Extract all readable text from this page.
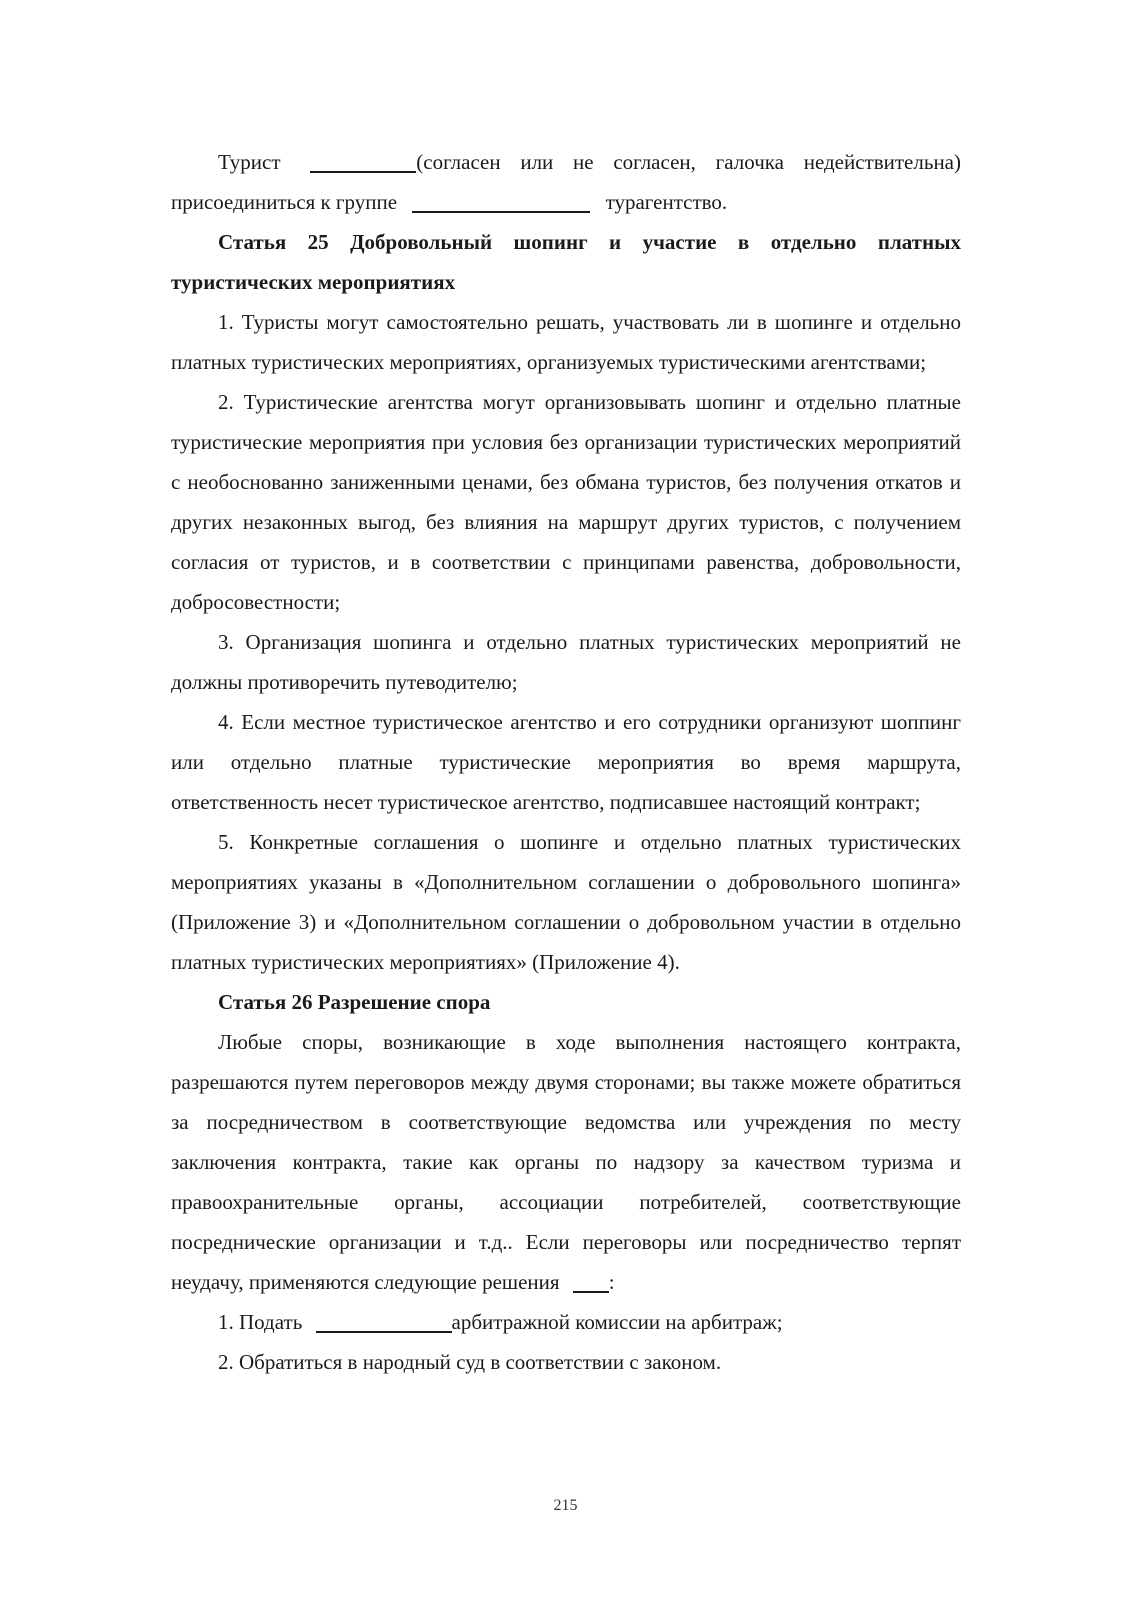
Турист	(согласен или не согласен, галочка недействительна) присоединиться к группе	турагентство.

Статья 25 Добровольный шопинг и участие в отдельно платных туристических мероприятиях

1. Туристы могут самостоятельно решать, участвовать ли в шопинге и отдельно платных туристических мероприятиях, организуемых туристическими агентствами;

2. Туристические агентства могут организовывать шопинг и отдельно платные туристические мероприятия при условия без организации туристических мероприятий с необоснованно заниженными ценами, без обмана туристов, без получения откатов и других незаконных выгод, без влияния на маршрут других туристов, с получением согласия от туристов, и в соответствии с принципами равенства, добровольности, добросовестности;

3. Организация шопинга и отдельно платных туристических мероприятий не должны противоречить путеводителю;

4. Если местное туристическое агентство и его сотрудники организуют шоппинг или отдельно платные туристические мероприятия во время маршрута, ответственность несет туристическое агентство, подписавшее настоящий контракт;

5. Конкретные соглашения о шопинге и отдельно платных туристических мероприятиях указаны в «Дополнительном соглашении о добровольного шопинга» (Приложение 3) и «Дополнительном соглашении о добровольном участии в отдельно платных туристических мероприятиях» (Приложение 4).

Статья 26 Разрешение спора

Любые споры, возникающие в ходе выполнения настоящего контракта, разрешаются путем переговоров между двумя сторонами; вы также можете обратиться за посредничеством в соответствующие ведомства или учреждения по месту заключения контракта, такие как органы по надзору за качеством туризма и правоохранительные органы, ассоциации потребителей, соответствующие посреднические организации и т.д.. Если переговоры или посредничество терпят неудачу, применяются следующие решения :

1. Подать	арбитражной комиссии на арбитраж;

2. Обратиться в народный суд в соответствии с законом.

215
